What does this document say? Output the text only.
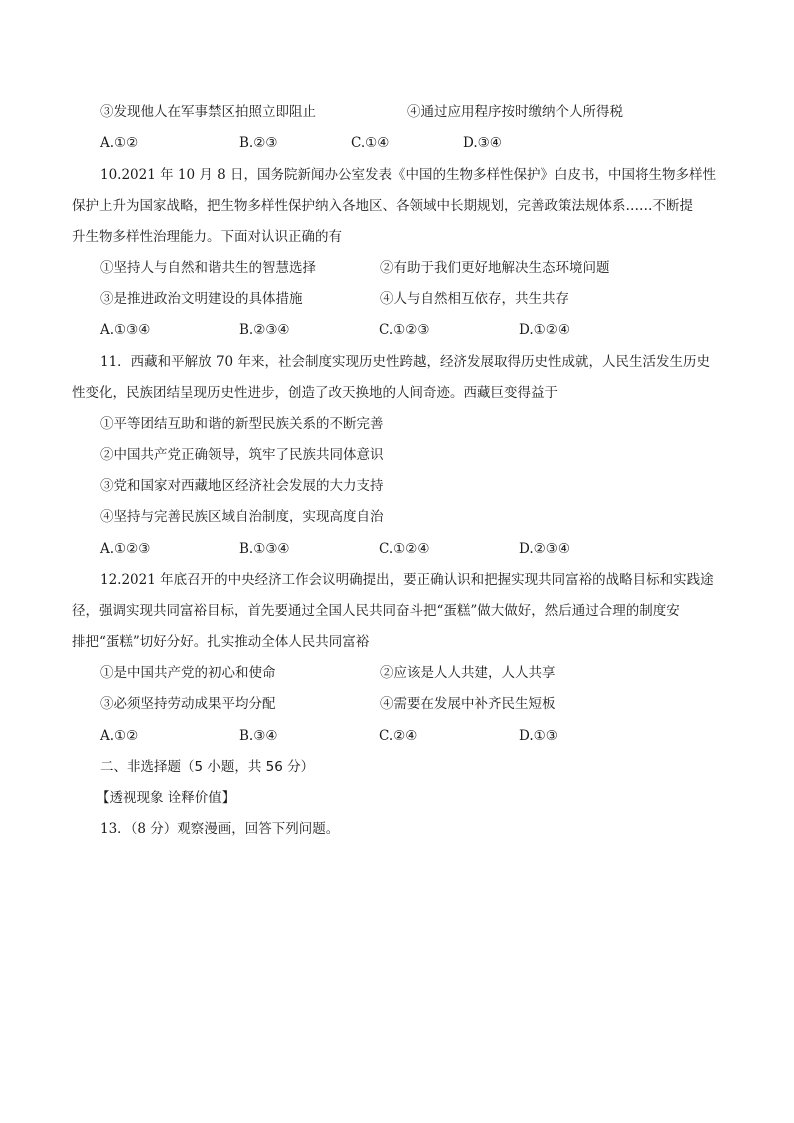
③发现他人在军事禁区拍照立即阻止	④通过应用程序按时缴纳个人所得税
A.①②	B.②③	C.①④	D.③④
10.2021 年 10 月 8 日，国务院新闻办公室发表《中国的生物多样性保护》白皮书，中国将生物多样性
保护上升为国家战略，把生物多样性保护纳入各地区、各领域中长期规划，完善政策法规体系……不断提
升生物多样性治理能力。下面对认识正确的有
①坚持人与自然和谐共生的智慧选择	②有助于我们更好地解决生态环境问题
③是推进政治文明建设的具体措施	④人与自然相互依存，共生共存
A.①③④	B.②③④	C.①②③	D.①②④
11．西藏和平解放 70 年来，社会制度实现历史性跨越，经济发展取得历史性成就，人民生活发生历史
性变化，民族团结呈现历史性进步，创造了改天换地的人间奇迹。西藏巨变得益于
①平等团结互助和谐的新型民族关系的不断完善
②中国共产党正确领导，筑牢了民族共同体意识
③党和国家对西藏地区经济社会发展的大力支持
④坚持与完善民族区域自治制度，实现高度自治
A.①②③	B.①③④	C.①②④	D.②③④
12.2021 年底召开的中央经济工作会议明确提出，要正确认识和把握实现共同富裕的战略目标和实践途
径，强调实现共同富裕目标，首先要通过全国人民共同奋斗把“蛋糕”做大做好，然后通过合理的制度安
排把“蛋糕”切好分好。扎实推动全体人民共同富裕
①是中国共产党的初心和使命	②应该是人人共建，人人共享
③必须坚持劳动成果平均分配	④需要在发展中补齐民生短板
A.①②	B.③④	C.②④	D.①③
二、非选择题（5 小题，共 56 分）
【透视现象 诠释价值】
13．（8 分）观察漫画，回答下列问题。
